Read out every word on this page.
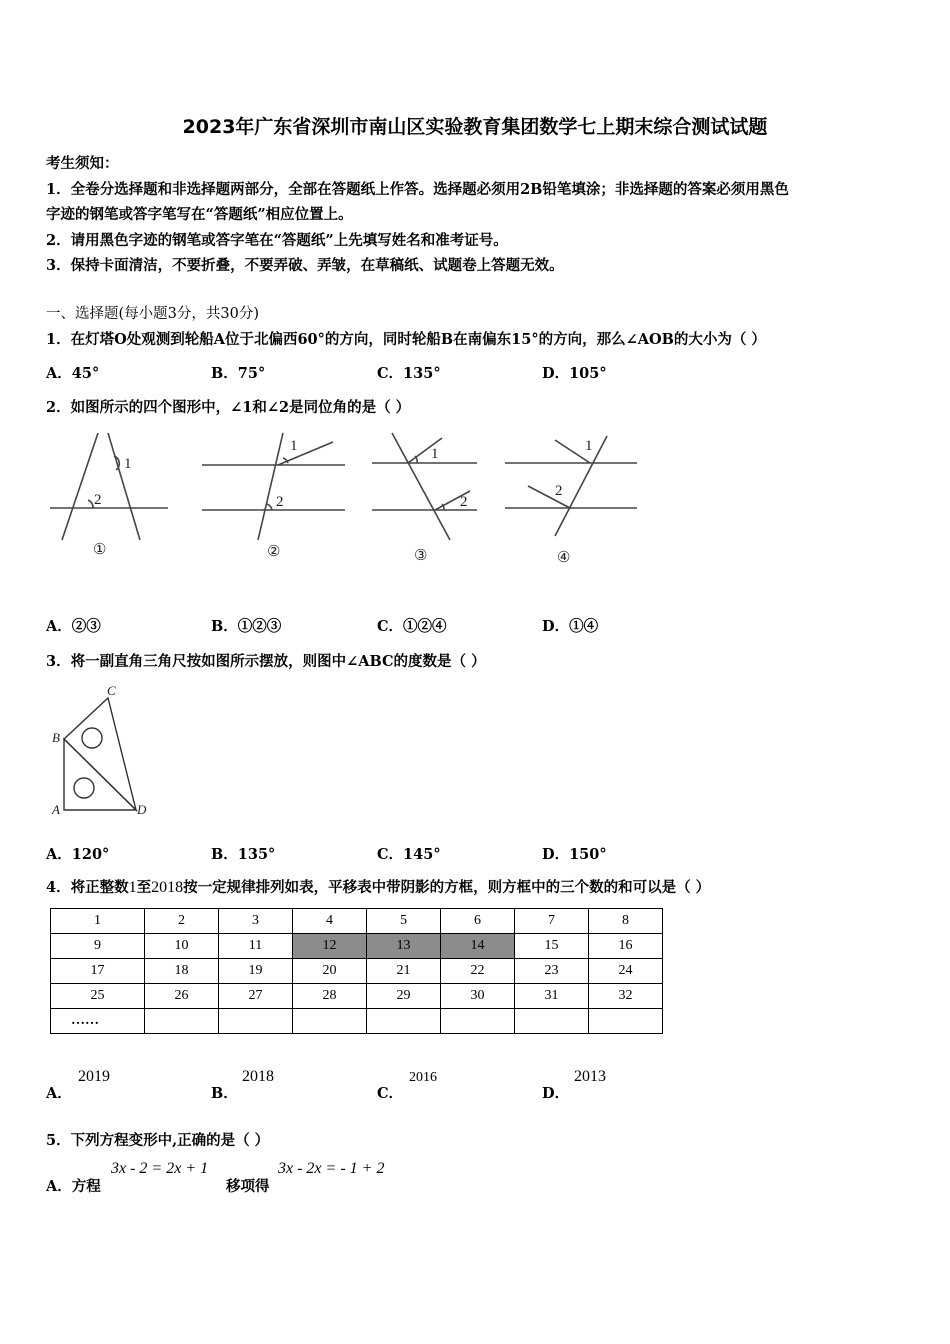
2023年广东省深圳市南山区实验教育集团数学七上期末综合测试试题
考生须知：
1．全卷分选择题和非选择题两部分，全部在答题纸上作答。选择题必须用2B铅笔填涂；非选择题的答案必须用黑色
字迹的钢笔或答字笔写在“答题纸”相应位置上。
2．请用黑色字迹的钢笔或答字笔在“答题纸”上先填写姓名和准考证号。
3．保持卡面清洁，不要折叠，不要弄破、弄皱，在草稿纸、试题卷上答题无效。
一、选择题(每小题3分，共30分)
1．在灯塔O处观测到轮船A位于北偏西60°的方向，同时轮船B在南偏东15°的方向，那么∠AOB的大小为（ ）
A．45°	B．75°	C．135°	D．105°
2．如图所示的四个图形中，∠1和∠2是同位角的是（ ）
1
2
1
2
1
2
1
2
①	②	③	④
A．②③	B．①②③	C．①②④	D．①④
3．将一副直角三角尺按如图所示摆放，则图中∠ABC的度数是（ ）
C
B
A	D
A．120°	B．135°	C．145°	D．150°
4．将正整数1至2018按一定规律排列如表，平移表中带阴影的方框，则方框中的三个数的和可以是（ ）
1	2	3	4	5	6	7	8
9	10	11	12	13	14	15	16
17	18	19	20	21	22	23	24
25	26	27	28	29	30	31	32
……							
A．
2019
B．
2018
C．
2016
D．
2013
5．下列方程变形中,正确的是（ ）
A．方程
3x - 2 = 2x + 1
移项得
3x - 2x = - 1 + 2
